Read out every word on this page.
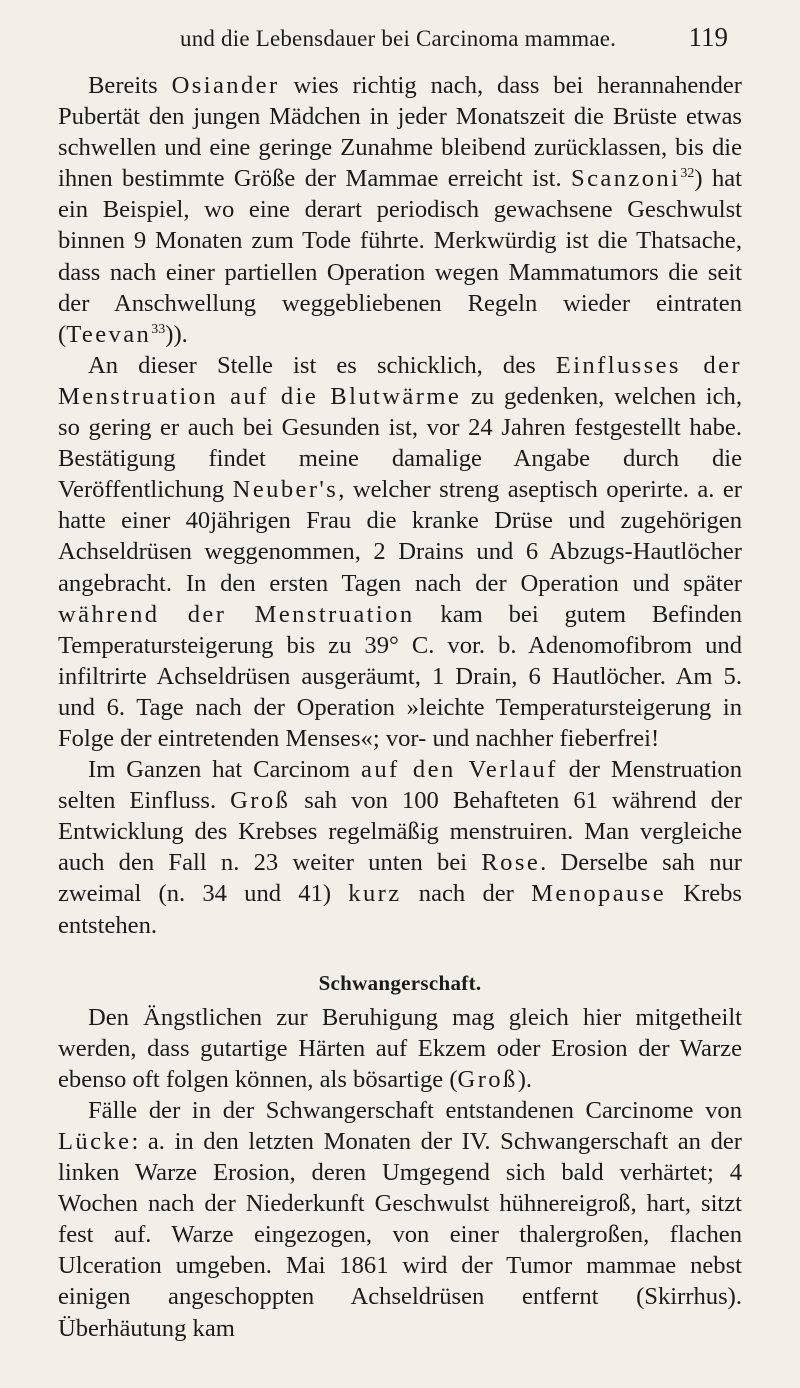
und die Lebensdauer bei Carcinoma mammae.	119

Bereits Osiander wies richtig nach, dass bei herannahender Pubertät den jungen Mädchen in jeder Monatszeit die Brüste etwas schwellen und eine geringe Zunahme bleibend zurücklassen, bis die ihnen bestimmte Größe der Mammae erreicht ist. Scanzoni$^{32}$) hat ein Beispiel, wo eine derart periodisch gewachsene Geschwulst binnen 9 Monaten zum Tode führte. Merkwürdig ist die Thatsache, dass nach einer partiellen Operation wegen Mammatumors die seit der Anschwellung weggebliebenen Regeln wieder eintraten (Teevan$^{33}$)).

An dieser Stelle ist es schicklich, des Einflusses der Menstruation auf die Blutwärme zu gedenken, welchen ich, so gering er auch bei Gesunden ist, vor 24 Jahren festgestellt habe. Bestätigung findet meine damalige Angabe durch die Veröffentlichung Neuber's, welcher streng aseptisch operirte. a. er hatte einer 40jährigen Frau die kranke Drüse und zugehörigen Achseldrüsen weggenommen, 2 Drains und 6 Abzugs-Hautlöcher angebracht. In den ersten Tagen nach der Operation und später während der Menstruation kam bei gutem Befinden Temperatursteigerung bis zu 39° C. vor. b. Adenomofibrom und infiltrirte Achseldrüsen ausgeräumt, 1 Drain, 6 Hautlöcher. Am 5. und 6. Tage nach der Operation »leichte Temperatursteigerung in Folge der eintretenden Menses«; vor- und nachher fieberfrei!

Im Ganzen hat Carcinom auf den Verlauf der Menstruation selten Einfluss. Groß sah von 100 Behafteten 61 während der Entwicklung des Krebses regelmäßig menstruiren. Man vergleiche auch den Fall n. 23 weiter unten bei Rose. Derselbe sah nur zweimal (n. 34 und 41) kurz nach der Menopause Krebs entstehen.

Schwangerschaft.

Den Ängstlichen zur Beruhigung mag gleich hier mitgetheilt werden, dass gutartige Härten auf Ekzem oder Erosion der Warze ebenso oft folgen können, als bösartige (Groß).

Fälle der in der Schwangerschaft entstandenen Carcinome von Lücke: a. in den letzten Monaten der IV. Schwangerschaft an der linken Warze Erosion, deren Umgegend sich bald verhärtet; 4 Wochen nach der Niederkunft Geschwulst hühnereigroß, hart, sitzt fest auf. Warze eingezogen, von einer thalergroßen, flachen Ulceration umgeben. Mai 1861 wird der Tumor mammae nebst einigen angeschoppten Achseldrüsen entfernt (Skirrhus). Überhäutung kam
